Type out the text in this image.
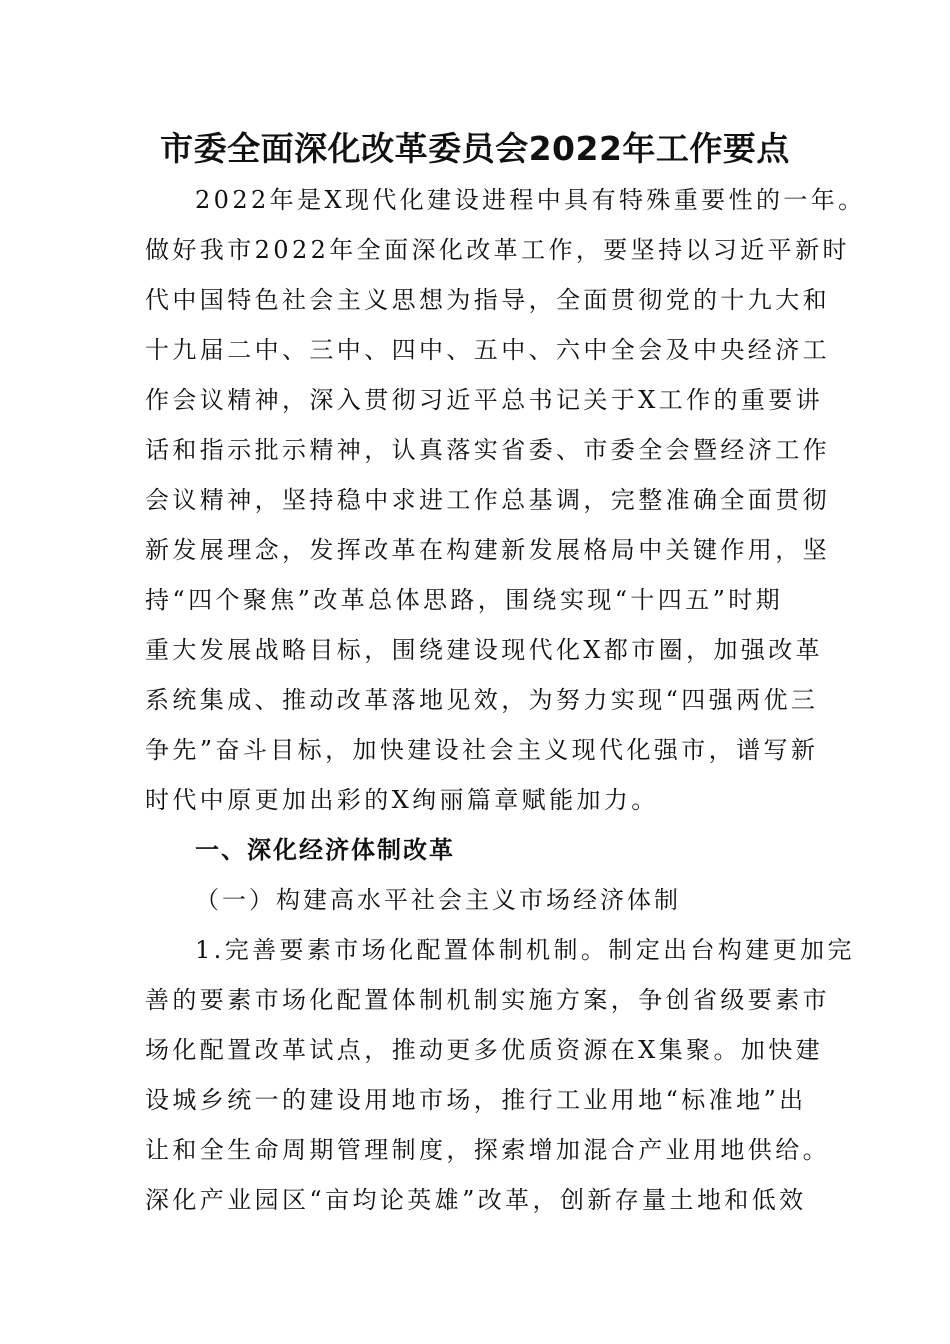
市委全面深化改革委员会2022年工作要点
2022年是X现代化建设进程中具有特殊重要性的一年。
做好我市2022年全面深化改革工作，要坚持以习近平新时
代中国特色社会主义思想为指导，全面贯彻党的十九大和
十九届二中、三中、四中、五中、六中全会及中央经济工
作会议精神，深入贯彻习近平总书记关于X工作的重要讲
话和指示批示精神，认真落实省委、市委全会暨经济工作
会议精神，坚持稳中求进工作总基调，完整准确全面贯彻
新发展理念，发挥改革在构建新发展格局中关键作用，坚
持“四个聚焦”改革总体思路，围绕实现“十四五”时期
重大发展战略目标，围绕建设现代化X都市圈，加强改革
系统集成、推动改革落地见效，为努力实现“四强两优三
争先”奋斗目标，加快建设社会主义现代化强市，谱写新
时代中原更加出彩的X绚丽篇章赋能加力。
一、深化经济体制改革
（一）构建高水平社会主义市场经济体制
1.完善要素市场化配置体制机制。制定出台构建更加完
善的要素市场化配置体制机制实施方案，争创省级要素市
场化配置改革试点，推动更多优质资源在X集聚。加快建
设城乡统一的建设用地市场，推行工业用地“标准地”出
让和全生命周期管理制度，探索增加混合产业用地供给。
深化产业园区“亩均论英雄”改革，创新存量土地和低效
